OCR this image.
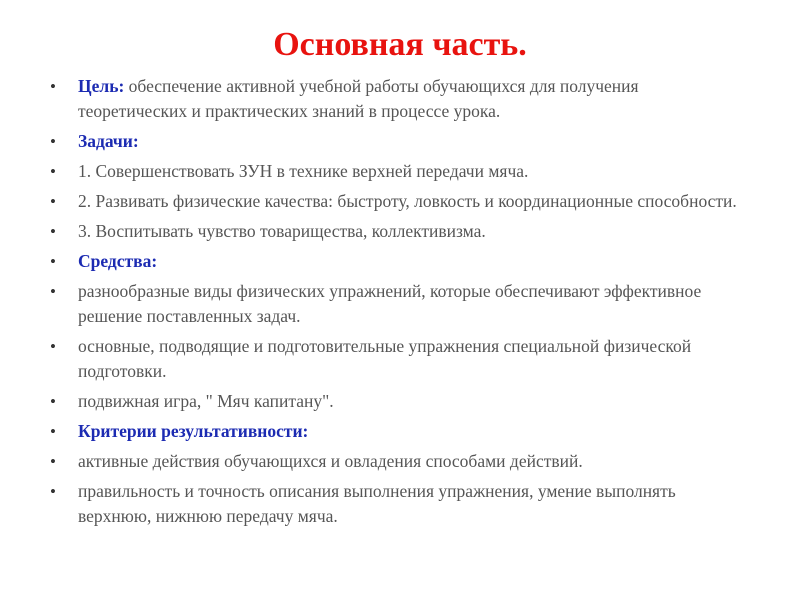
Основная часть.
• Цель: обеспечение активной учебной работы обучающихся для получения теоретических и практических знаний в процессе урока.
• Задачи:
• 1. Совершенствовать ЗУН в технике верхней передачи мяча.
• 2. Развивать физические качества: быстроту, ловкость и координационные способности.
• 3. Воспитывать чувство товарищества, коллективизма.
• Средства:
• разнообразные виды физических упражнений, которые обеспечивают эффективное решение поставленных задач.
• основные, подводящие и подготовительные упражнения специальной физической подготовки.
• подвижная игра, " Мяч капитану".
• Критерии результативности:
• активные действия обучающихся и овладения способами действий.
• правильность и точность описания выполнения упражнения, умение выполнять верхнюю, нижнюю передачу мяча.
